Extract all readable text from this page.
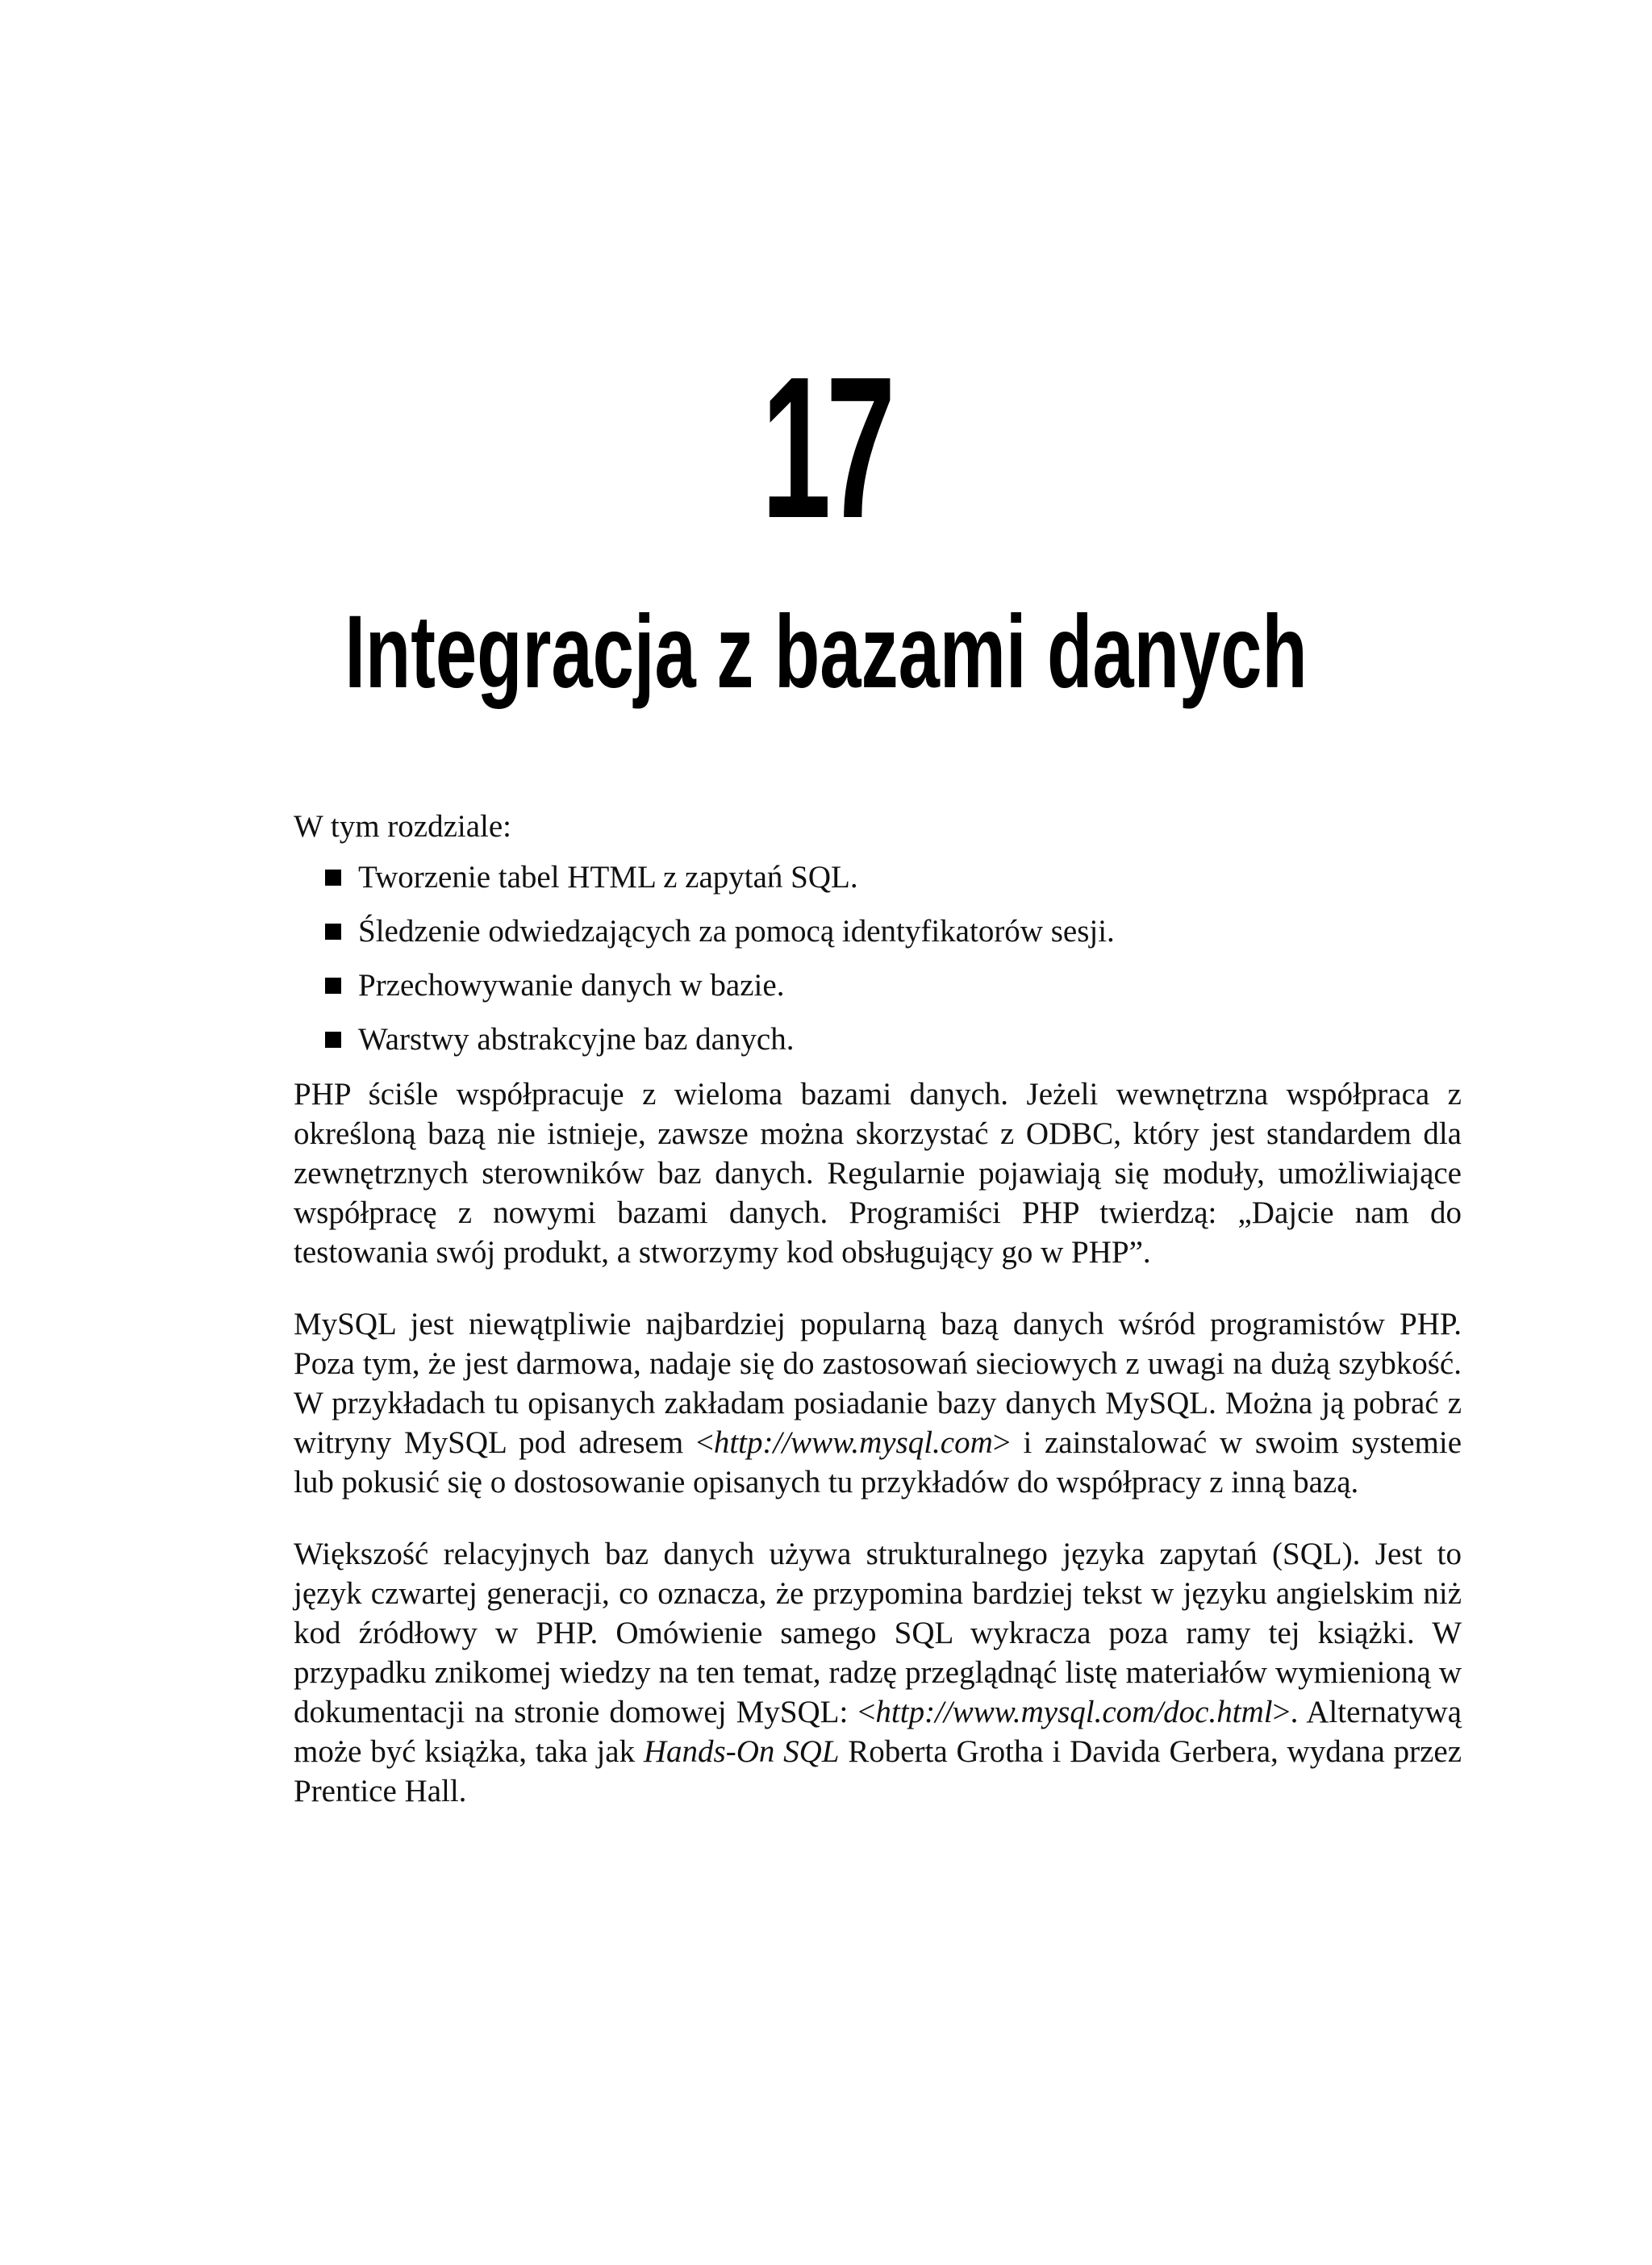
17
Integracja z bazami danych

W tym rozdziale:

Tworzenie tabel HTML z zapytań SQL.
Śledzenie odwiedzających za pomocą identyfikatorów sesji.
Przechowywanie danych w bazie.
Warstwy abstrakcyjne baz danych.

PHP ściśle współpracuje z wieloma bazami danych. Jeżeli wewnętrzna współpraca z określoną bazą nie istnieje, zawsze można skorzystać z ODBC, który jest standardem dla zewnętrznych sterowników baz danych. Regularnie pojawiają się moduły, umożliwiające współpracę z nowymi bazami danych. Programiści PHP twierdzą: „Dajcie nam do testowania swój produkt, a stworzymy kod obsługujący go w PHP”.

MySQL jest niewątpliwie najbardziej popularną bazą danych wśród programistów PHP. Poza tym, że jest darmowa, nadaje się do zastosowań sieciowych z uwagi na dużą szybkość. W przykładach tu opisanych zakładam posiadanie bazy danych MySQL. Można ją pobrać z witryny MySQL pod adresem <http://www.mysql.com> i zainstalować w swoim systemie lub pokusić się o dostosowanie opisanych tu przykładów do współpracy z inną bazą.

Większość relacyjnych baz danych używa strukturalnego języka zapytań (SQL). Jest to język czwartej generacji, co oznacza, że przypomina bardziej tekst w języku angielskim niż kod źródłowy w PHP. Omówienie samego SQL wykracza poza ramy tej książki. W przypadku znikomej wiedzy na ten temat, radzę przeglądnąć listę materiałów wymienioną w dokumentacji na stronie domowej MySQL: <http://www.mysql.com/doc.html>. Alternatywą może być książka, taka jak Hands-On SQL Roberta Grotha i Davida Gerbera, wydana przez Prentice Hall.
